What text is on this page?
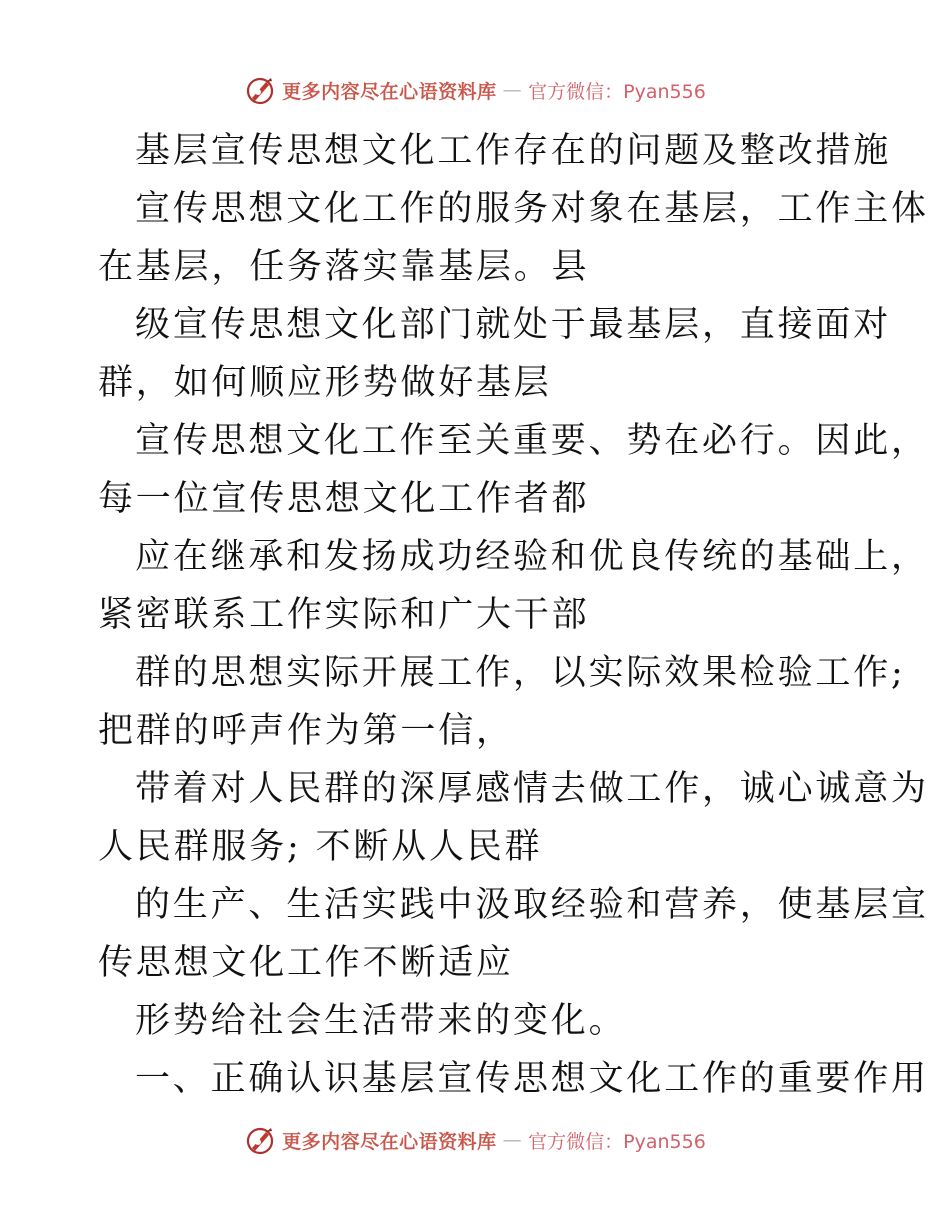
更多内容尽在心语资料库 — 官方微信：Pyan556
基层宣传思想文化工作存在的问题及整改措施
宣传思想文化工作的服务对象在基层，工作主体
在基层，任务落实靠基层。县
级宣传思想文化部门就处于最基层，直接面对
群，如何顺应形势做好基层
宣传思想文化工作至关重要、势在必行。因此，
每一位宣传思想文化工作者都
应在继承和发扬成功经验和优良传统的基础上，
紧密联系工作实际和广大干部
群的思想实际开展工作，以实际效果检验工作;
把群的呼声作为第一信，
带着对人民群的深厚感情去做工作，诚心诚意为
人民群服务; 不断从人民群
的生产、生活实践中汲取经验和营养，使基层宣
传思想文化工作不断适应
形势给社会生活带来的变化。
一、正确认识基层宣传思想文化工作的重要作用
更多内容尽在心语资料库 — 官方微信：Pyan556
